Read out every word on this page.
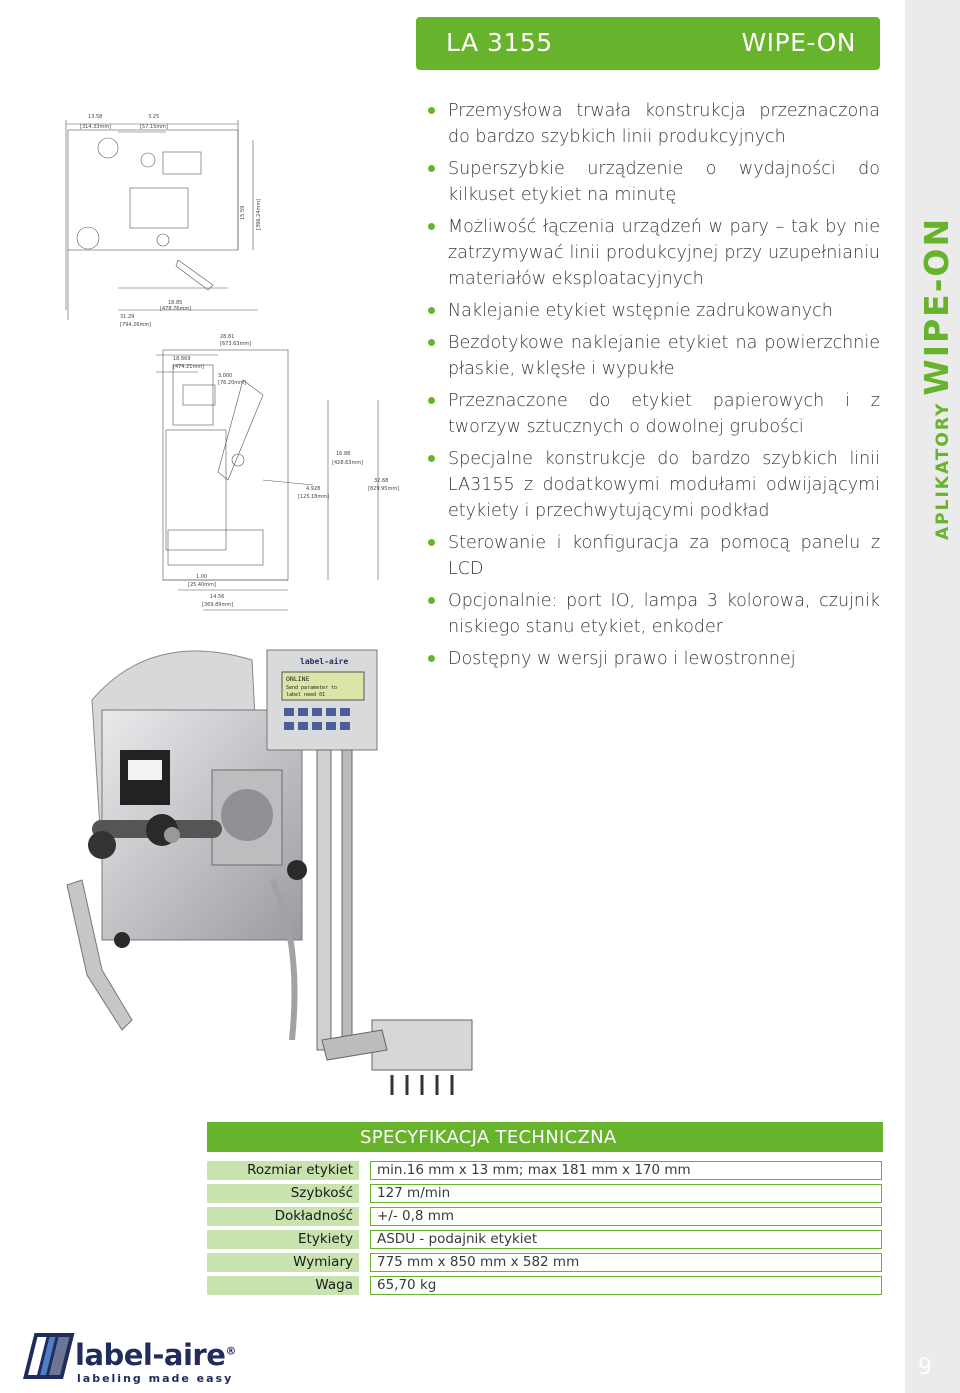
LA 3155	WIPE-ON
APLIKATORYWIPE-ON
9
Przemysłowa trwała konstrukcja przeznaczona do bardzo szybkich linii produkcyjnych
Superszybkie urządzenie o wydajności do kilkuset etykiet na minutę
Możliwość łączenia urządzeń w pary – tak by nie zatrzymywać linii produkcyjnej przy uzupełnianiu materiałów eksploatacyjnych
Naklejanie etykiet wstępnie zadrukowanych
Bezdotykowe naklejanie etykiet na powierzchnie płaskie, wklęsłe i wypukłe
Przeznaczone do etykiet papierowych i z tworzyw sztucznych o dowolnej grubości
Specjalne konstrukcje do bardzo szybkich linii LA3155 z dodatkowymi modułami odwijającymi etykiety i przechwytującymi podkład
Sterowanie i konfiguracja za pomocą panelu z LCD
Opcjonalnie: port IO, lampa 3 kolorowa, czujnik niskiego stanu etykiet, enkoder
Dostępny w wersji prawo i lewostronnej
13.58
[314.33mm]
3.25
[57.15mm]
15.59 [396.24mm]
18.85
[478.76mm]
31.29
[794.26mm]
28.81
[673.63mm]
18.669
[474.21mm]
3.000
[76.20mm]
16.88
[428.63mm]
4.928
[125.18mm]
32.68
[829.95mm]
1.00
[25.40mm]
14.56
[369.89mm]
label-aire
ONLINE
Send parameter to
label need 01
SPECYFIKACJA TECHNICZNA
Rozmiar etykiet	min.16 mm x 13 mm; max 181 mm x 170 mm
Szybkość	127 m/min
Dokładność	+/- 0,8 mm
Etykiety	ASDU - podajnik etykiet
Wymiary	775 mm x 850 mm x 582 mm
Waga	65,70 kg
label-aire®
labeling made easy
